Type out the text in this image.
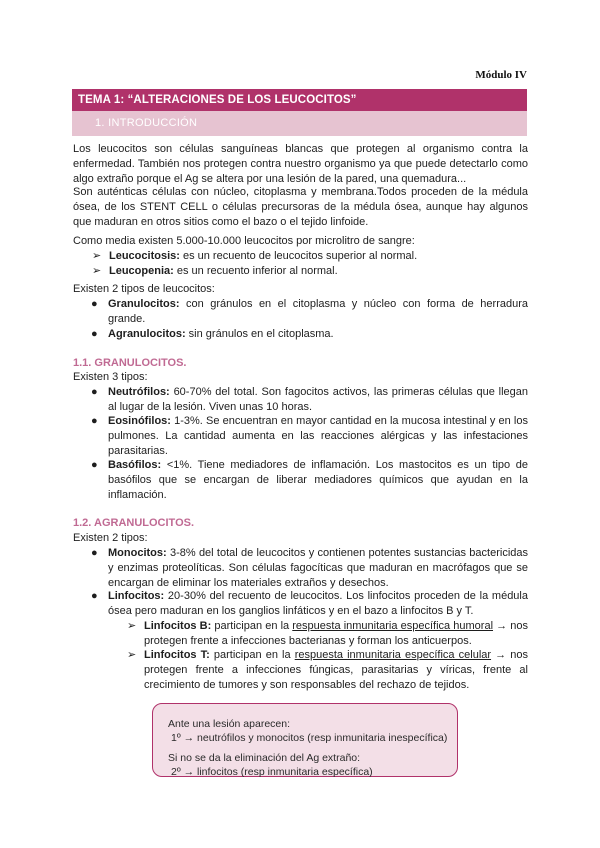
Módulo IV
TEMA 1: “ALTERACIONES DE LOS LEUCOCITOS”
1. INTRODUCCIÓN
Los leucocitos son células sanguíneas blancas que protegen al organismo contra la enfermedad. También nos protegen contra nuestro organismo ya que puede detectarlo como algo extraño porque el Ag se altera por una lesión de la pared, una quemadura...
Son auténticas células con núcleo, citoplasma y membrana.Todos proceden de la médula ósea, de los STENT CELL o células precursoras de la médula ósea, aunque hay algunos que maduran en otros sitios como el bazo o el tejido linfoide.
Como media existen 5.000-10.000 leucocitos por microlitro de sangre:
➢ Leucocitosis: es un recuento de leucocitos superior al normal.
➢ Leucopenia: es un recuento inferior al normal.
Existen 2 tipos de leucocitos:
● Granulocitos: con gránulos en el citoplasma y núcleo con forma de herradura grande.
● Agranulocitos: sin gránulos en el citoplasma.
1.1. GRANULOCITOS.
Existen 3 tipos:
● Neutrófilos: 60-70% del total. Son fagocitos activos, las primeras células que llegan al lugar de la lesión. Viven unas 10 horas.
● Eosinófilos: 1-3%. Se encuentran en mayor cantidad en la mucosa intestinal y en los pulmones. La cantidad aumenta en las reacciones alérgicas y las infestaciones parasitarias.
● Basófilos: <1%. Tiene mediadores de inflamación. Los mastocitos es un tipo de basófilos que se encargan de liberar mediadores químicos que ayudan en la inflamación.
1.2. AGRANULOCITOS.
Existen 2 tipos:
● Monocitos: 3-8% del total de leucocitos y contienen potentes sustancias bactericidas y enzimas proteolíticas. Son células fagocíticas que maduran en macrófagos que se encargan de eliminar los materiales extraños y desechos.
● Linfocitos: 20-30% del recuento de leucocitos. Los linfocitos proceden de la médula ósea pero maduran en los ganglios linfáticos y en el bazo a linfocitos B y T.
➢ Linfocitos B: participan en la respuesta inmunitaria específica humoral → nos protegen frente a infecciones bacterianas y forman los anticuerpos.
➢ Linfocitos T: participan en la respuesta inmunitaria específica celular → nos protegen frente a infecciones fúngicas, parasitarias y víricas, frente al crecimiento de tumores y son responsables del rechazo de tejidos.
Ante una lesión aparecen:
1º → neutrófilos y monocitos (resp inmunitaria inespecífica)
Si no se da la eliminación del Ag extraño:
2º → linfocitos (resp inmunitaria específica)
